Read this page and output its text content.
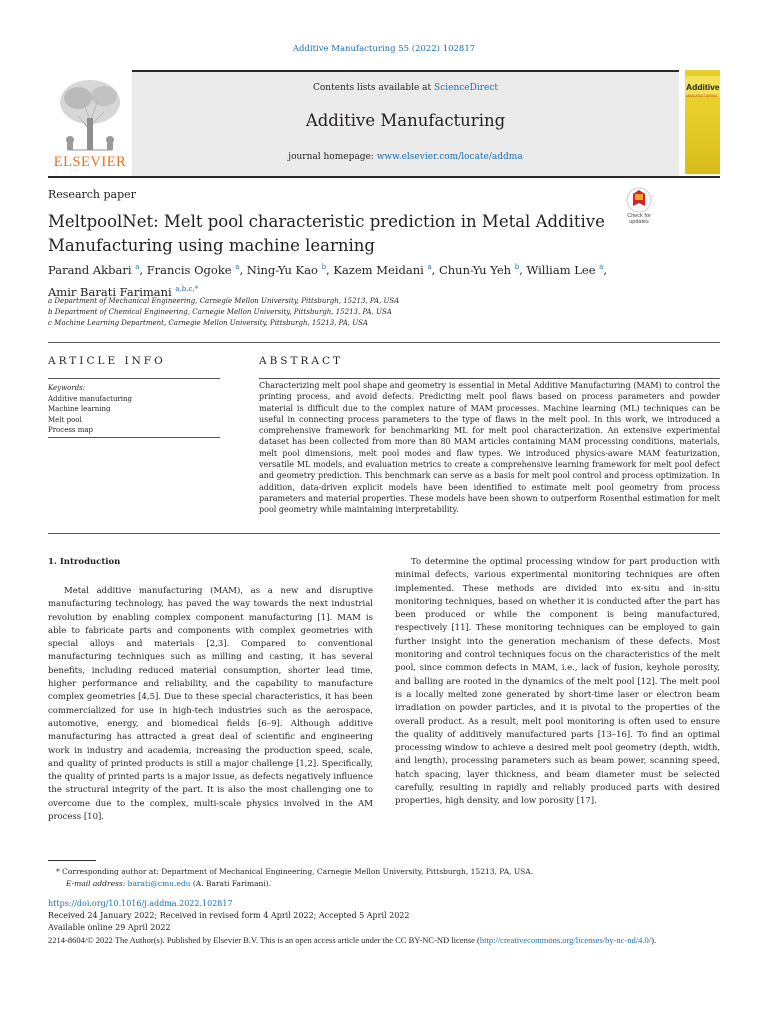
Additive Manufacturing 55 (2022) 102817
ELSEVIER
Contents lists available at ScienceDirect
Additive Manufacturing
journal homepage: www.elsevier.com/locate/addma
Additive
MANUFACTURING
Research paper
MeltpoolNet: Melt pool characteristic prediction in Metal Additive Manufacturing using machine learning
Check for updates
Parand Akbari $^a$, Francis Ogoke $^a$, Ning-Yu Kao $^b$, Kazem Meidani $^a$, Chun-Yu Yeh $^b$, William Lee $^a$,
Amir Barati Farimani $^{a,b,c,*}$
a Department of Mechanical Engineering, Carnegie Mellon University, Pittsburgh, 15213, PA, USA
b Department of Chemical Engineering, Carnegie Mellon University, Pittsburgh, 15213, PA, USA
c Machine Learning Department, Carnegie Mellon University, Pittsburgh, 15213, PA, USA
ARTICLE INFO	ABSTRACT
Keywords:
Additive manufacturing
Machine learning
Melt pool
Process map
Characterizing melt pool shape and geometry is essential in Metal Additive Manufacturing (MAM) to control the printing process, and avoid defects. Predicting melt pool flaws based on process parameters and powder material is difficult due to the complex nature of MAM processes. Machine learning (ML) techniques can be useful in connecting process parameters to the type of flaws in the melt pool. In this work, we introduced a comprehensive framework for benchmarking ML for melt pool characterization. An extensive experimental dataset has been collected from more than 80 MAM articles containing MAM processing conditions, materials, melt pool dimensions, melt pool modes and flaw types. We introduced physics-aware MAM featurization, versatile ML models, and evaluation metrics to create a comprehensive learning framework for melt pool defect and geometry prediction. This benchmark can serve as a basis for melt pool control and process optimization. In addition, data-driven explicit models have been identified to estimate melt pool geometry from process parameters and material properties. These models have been shown to outperform Rosenthal estimation for melt pool geometry while maintaining interpretability.
1. Introduction
Metal additive manufacturing (MAM), as a new and disruptive manufacturing technology, has paved the way towards the next industrial revolution by enabling complex component manufacturing [1]. MAM is able to fabricate parts and components with complex geometries with special alloys and materials [2,3]. Compared to conventional manufacturing techniques such as milling and casting, it has several benefits, including reduced material consumption, shorter lead time, higher performance and reliability, and the capability to manufacture complex geometries [4,5]. Due to these special characteristics, it has been commercialized for use in high-tech industries such as the aerospace, automotive, energy, and biomedical fields [6–9]. Although additive manufacturing has attracted a great deal of scientific and engineering work in industry and academia, increasing the production speed, scale, and quality of printed products is still a major challenge [1,2]. Specifically, the quality of printed parts is a major issue, as defects negatively influence the structural integrity of the part. It is also the most challenging one to overcome due to the complex, multi-scale physics involved in the AM process [10].
To determine the optimal processing window for part production with minimal defects, various experimental monitoring techniques are often implemented. These methods are divided into ex-situ and in-situ monitoring techniques, based on whether it is conducted after the part has been produced or while the component is being manufactured, respectively [11]. These monitoring techniques can be employed to gain further insight into the generation mechanism of these defects. Most monitoring and control techniques focus on the characteristics of the melt pool, since common defects in MAM, i.e., lack of fusion, keyhole porosity, and balling are rooted in the dynamics of the melt pool [12]. The melt pool is a locally melted zone generated by short-time laser or electron beam irradiation on powder particles, and it is pivotal to the properties of the overall product. As a result, melt pool monitoring is often used to ensure the quality of additively manufactured parts [13–16]. To find an optimal processing window to achieve a desired melt pool geometry (depth, width, and length), processing parameters such as beam power, scanning speed, hatch spacing, layer thickness, and beam diameter must be selected carefully, resulting in rapidly and reliably produced parts with desired properties, high density, and low porosity [17].
* Corresponding author at: Department of Mechanical Engineering, Carnegie Mellon University, Pittsburgh, 15213, PA, USA.
E-mail address: barati@cmu.edu (A. Barati Farimani).
https://doi.org/10.1016/j.addma.2022.102817
Received 24 January 2022; Received in revised form 4 April 2022; Accepted 5 April 2022
Available online 29 April 2022
2214-8604/© 2022 The Author(s). Published by Elsevier B.V. This is an open access article under the CC BY-NC-ND license (http://creativecommons.org/licenses/by-nc-nd/4.0/).
